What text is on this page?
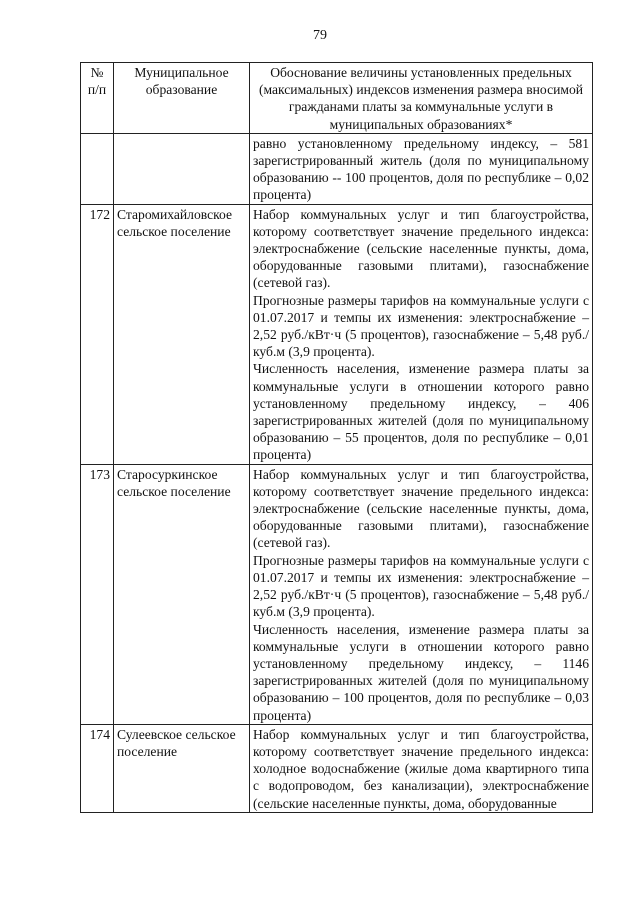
79
№ п/п	Муниципальное образование	Обоснование величины установленных предельных (максимальных) индексов изменения размера вносимой гражданами платы за коммунальные услуги в муниципальных образованиях*

		равно установленному предельному индексу, – 581 зарегистрированный житель (доля по муниципальному образованию -- 100 процентов, доля по республике – 0,02 процента)

172	Старомихайловское сельское поселение	Набор коммунальных услуг и тип благоустройства, которому соответствует значение предельного индекса: электроснабжение (сельские населенные пункты, дома, оборудованные газовыми плитами), газоснабжение (сетевой газ).
Прогнозные размеры тарифов на коммунальные услуги с 01.07.2017 и темпы их изменения: электроснабжение – 2,52 руб./кВт·ч (5 процентов), газоснабжение – 5,48 руб./куб.м (3,9 процента).
Численность населения, изменение размера платы за коммунальные услуги в отношении которого равно установленному предельному индексу, – 406 зарегистрированных жителей (доля по муниципальному образованию – 55 процентов, доля по республике – 0,01 процента)

173	Старосуркинское сельское поселение	Набор коммунальных услуг и тип благоустройства, которому соответствует значение предельного индекса: электроснабжение (сельские населенные пункты, дома, оборудованные газовыми плитами), газоснабжение (сетевой газ).
Прогнозные размеры тарифов на коммунальные услуги с 01.07.2017 и темпы их изменения: электроснабжение – 2,52 руб./кВт·ч (5 процентов), газоснабжение – 5,48 руб./куб.м (3,9 процента).
Численность населения, изменение размера платы за коммунальные услуги в отношении которого равно установленному предельному индексу, – 1146 зарегистрированных жителей (доля по муниципальному образованию – 100 процентов, доля по республике – 0,03 процента)

174	Сулеевское сельское поселение	Набор коммунальных услуг и тип благоустройства, которому соответствует значение предельного индекса: холодное водоснабжение (жилые дома квартирного типа с водопроводом, без канализации), электроснабжение (сельские населенные пункты, дома, оборудованные
